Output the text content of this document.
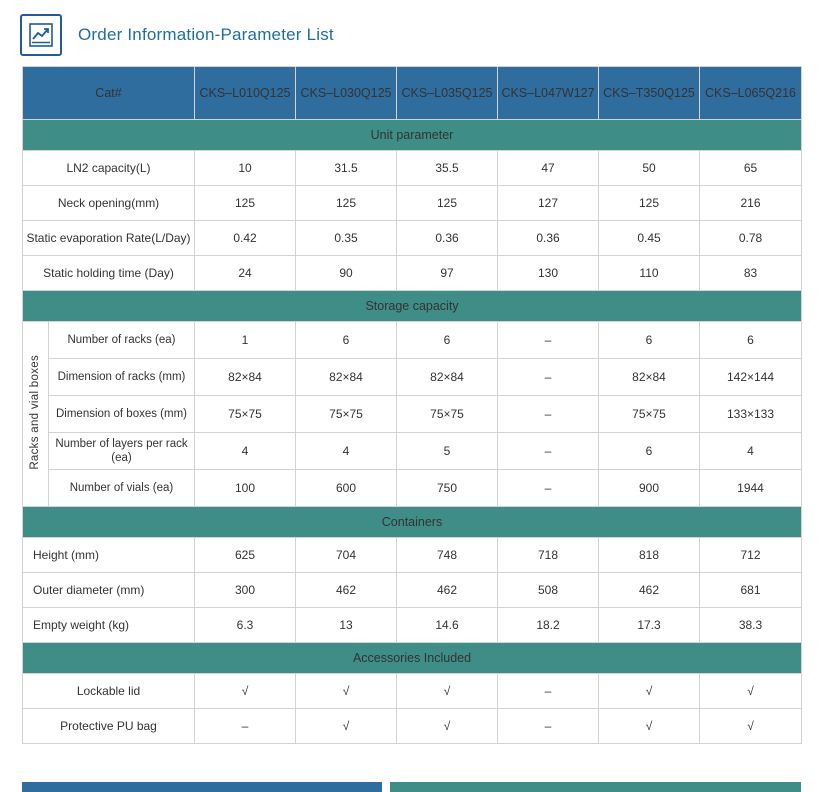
Order Information-Parameter List
Cat#		CKS–L010Q125	CKS–L030Q125	CKS–L035Q125	CKS–L047W127	CKS–T350Q125	CKS–L065Q216
Unit parameter							
LN2 capacity(L)		10	31.5	35.5	47	50	65
Neck opening(mm)		125	125	125	127	125	216
Static evaporation Rate(L/Day)		0.42	0.35	0.36	0.36	0.45	0.78
Static holding time (Day)		24	90	97	130	110	83
Storage capacity							
Racks and vial boxes	Number of racks (ea)	1	6	6	–	6	6
	Dimension of racks (mm)	82×84	82×84	82×84	–	82×84	142×144
	Dimension of boxes (mm)	75×75	75×75	75×75	–	75×75	133×133
	Number of layers per rack (ea)	4	4	5	–	6	4
	Number of vials (ea)	100	600	750	–	900	1944
Containers							
Height (mm)		625	704	748	718	818	712
Outer diameter (mm)		300	462	462	508	462	681
Empty weight (kg)		6.3	13	14.6	18.2	17.3	38.3
Accessories Included							
Lockable lid		√	√	√	–	√	√
Protective PU bag		–	√	√	–	√	√
